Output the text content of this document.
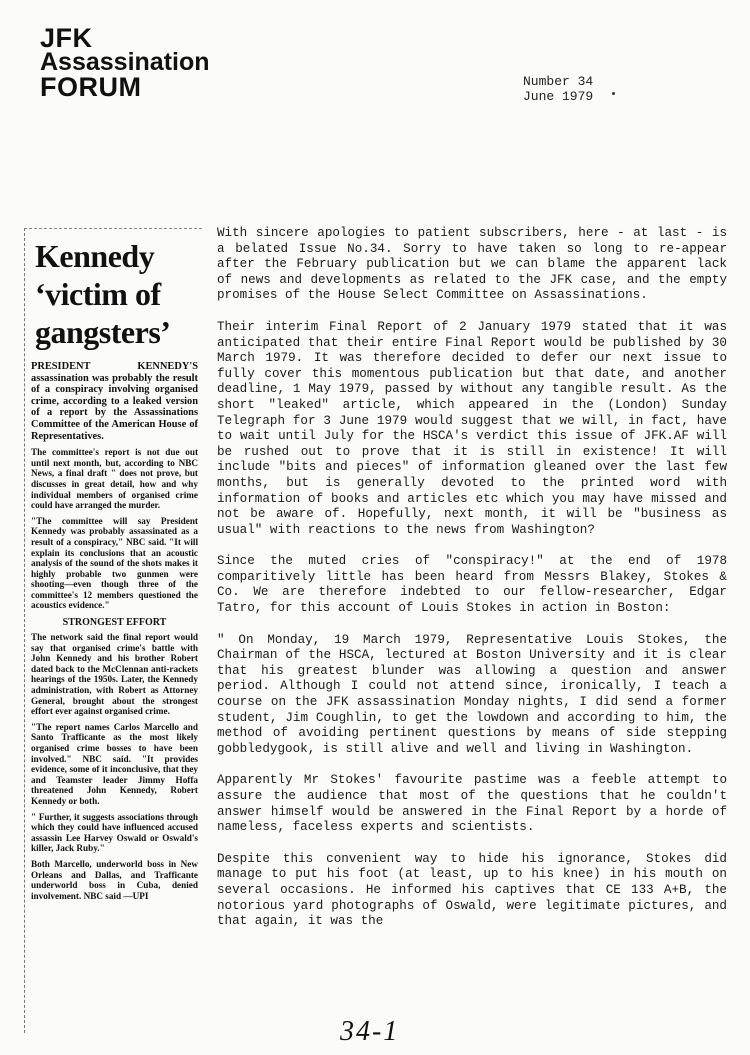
JFK
Assassination
FORUM	Number 34
June 1979
Kennedy ‘victim of gangsters’

PRESIDENT KENNEDY'S assassination was probably the result of a conspiracy involving organised crime, according to a leaked version of a report by the Assassinations Committee of the American House of Representatives.

The committee's report is not due out until next month, but, according to NBC News, a final draft " does not prove, but discusses in great detail, how and why individual members of organised crime could have arranged the murder.

"The committee will say President Kennedy was probably assassinated as a result of a conspiracy," NBC said. "It will explain its conclusions that an acoustic analysis of the sound of the shots makes it highly probable two gunmen were shooting—even though three of the committee's 12 members questioned the acoustics evidence."

STRONGEST EFFORT

The network said the final report would say that organised crime's battle with John Kennedy and his brother Robert dated back to the McClennan anti-rackets hearings of the 1950s. Later, the Kennedy administration, with Robert as Attorney General, brought about the strongest effort ever against organised crime.

"The report names Carlos Marcello and Santo Trafficante as the most likely organised crime bosses to have been involved." NBC said. "It provides evidence, some of it inconclusive, that they and Teamster leader Jimmy Hoffa threatened John Kennedy, Robert Kennedy or both.

" Further, it suggests associations through which they could have influenced accused assassin Lee Harvey Oswald or Oswald's killer, Jack Ruby."

Both Marcello, underworld boss in New Orleans and Dallas, and Trafficante underworld boss in Cuba, denied involvement. NBC said —UPI

With sincere apologies to patient subscribers, here - at last - is a belated Issue No.34. Sorry to have taken so long to re-appear after the February publication but we can blame the apparent lack of news and developments as related to the JFK case, and the empty promises of the House Select Committee on Assassinations.

Their interim Final Report of 2 January 1979 stated that it was anticipated that their entire Final Report would be published by 30 March 1979. It was therefore decided to defer our next issue to fully cover this momentous publication but that date, and another deadline, 1 May 1979, passed by without any tangible result. As the short "leaked" article, which appeared in the (London) Sunday Telegraph for 3 June 1979 would suggest that we will, in fact, have to wait until July for the HSCA's verdict this issue of JFK.AF will be rushed out to prove that it is still in existence! It will include "bits and pieces" of information gleaned over the last few months, but is generally devoted to the printed word with information of books and articles etc which you may have missed and not be aware of. Hopefully, next month, it will be "business as usual" with reactions to the news from Washington?

Since the muted cries of "conspiracy!" at the end of 1978 comparitively little has been heard from Messrs Blakey, Stokes & Co. We are therefore indebted to our fellow-researcher, Edgar Tatro, for this account of Louis Stokes in action in Boston:

" On Monday, 19 March 1979, Representative Louis Stokes, the Chairman of the HSCA, lectured at Boston University and it is clear that his greatest blunder was allowing a question and answer period. Although I could not attend since, ironically, I teach a course on the JFK assassination Monday nights, I did send a former student, Jim Coughlin, to get the lowdown and according to him, the method of avoiding pertinent questions by means of side stepping gobbledygook, is still alive and well and living in Washington.

Apparently Mr Stokes' favourite pastime was a feeble attempt to assure the audience that most of the questions that he couldn't answer himself would be answered in the Final Report by a horde of nameless, faceless experts and scientists.

Despite this convenient way to hide his ignorance, Stokes did manage to put his foot (at least, up to his knee) in his mouth on several occasions. He informed his captives that CE 133 A+B, the notorious yard photographs of Oswald, were legitimate pictures, and that again, it was the

34-1
